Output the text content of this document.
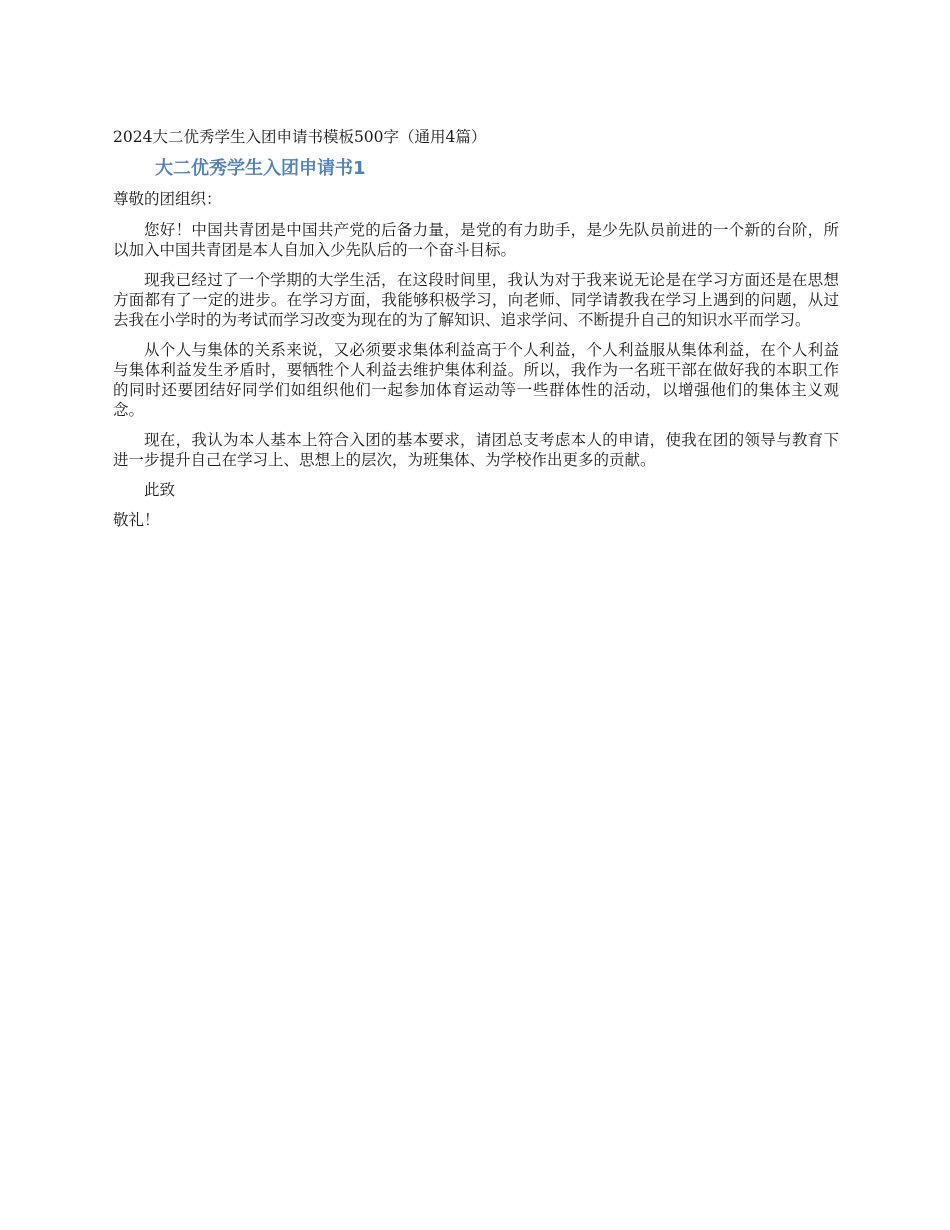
2024大二优秀学生入团申请书模板500字（通用4篇）
大二优秀学生入团申请书1
尊敬的团组织：
您好！中国共青团是中国共产党的后备力量，是党的有力助手，是少先队员前进的一个新的台阶，所以加入中国共青团是本人自加入少先队后的一个奋斗目标。
现我已经过了一个学期的大学生活，在这段时间里，我认为对于我来说无论是在学习方面还是在思想方面都有了一定的进步。在学习方面，我能够积极学习，向老师、同学请教我在学习上遇到的问题，从过去我在小学时的为考试而学习改变为现在的为了解知识、追求学问、不断提升自己的知识水平而学习。
从个人与集体的关系来说，又必须要求集体利益高于个人利益，个人利益服从集体利益，在个人利益与集体利益发生矛盾时，要牺牲个人利益去维护集体利益。所以，我作为一名班干部在做好我的本职工作的同时还要团结好同学们如组织他们一起参加体育运动等一些群体性的活动，以增强他们的集体主义观念。
现在，我认为本人基本上符合入团的基本要求，请团总支考虑本人的申请，使我在团的领导与教育下进一步提升自己在学习上、思想上的层次，为班集体、为学校作出更多的贡献。
此致
敬礼！
